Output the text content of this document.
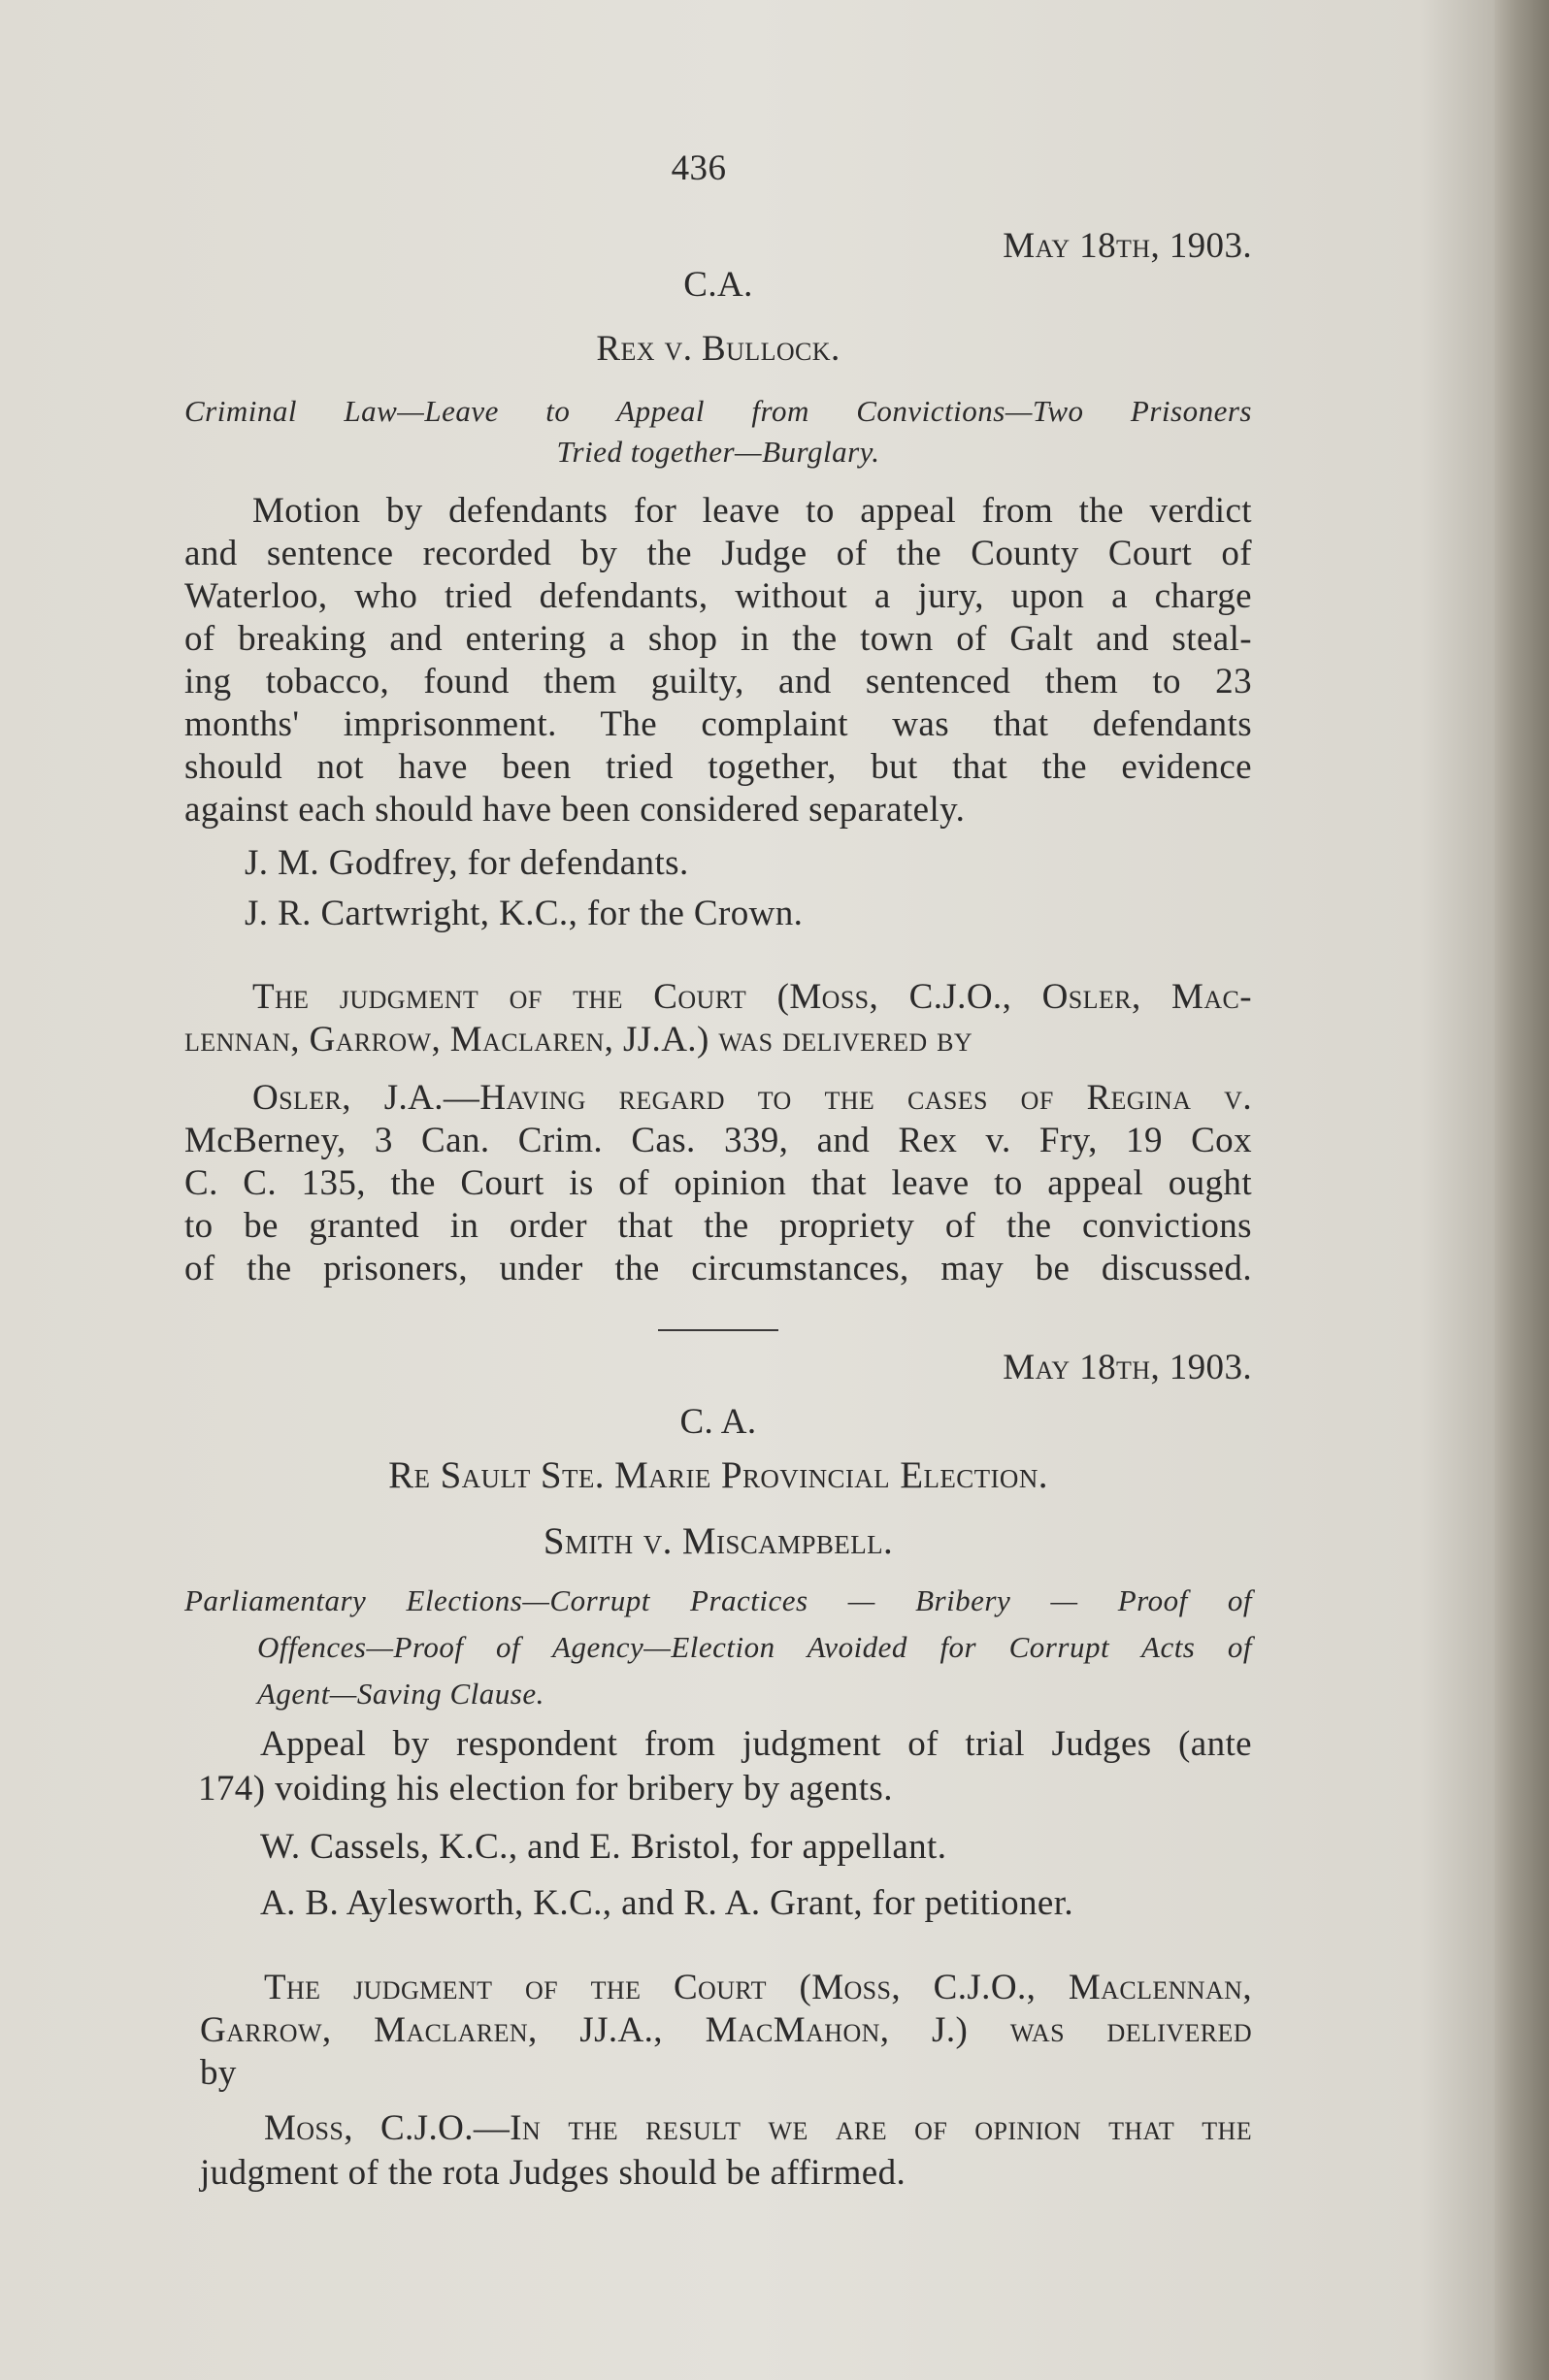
436
May 18th, 1903.
C.A.
Rex v. Bullock.
Criminal Law—Leave to Appeal from Convictions—Two Prisoners
Tried together—Burglary.
Motion by defendants for leave to appeal from the verdict
and sentence recorded by the Judge of the County Court of
Waterloo, who tried defendants, without a jury, upon a charge
of breaking and entering a shop in the town of Galt and steal-
ing tobacco, found them guilty, and sentenced them to 23
months' imprisonment. The complaint was that defendants
should not have been tried together, but that the evidence
against each should have been considered separately.
J. M. Godfrey, for defendants.
J. R. Cartwright, K.C., for the Crown.
The judgment of the Court (Moss, C.J.O., Osler, Mac-
lennan, Garrow, Maclaren, JJ.A.) was delivered by
Osler, J.A.—Having regard to the cases of Regina v.
McBerney, 3 Can. Crim. Cas. 339, and Rex v. Fry, 19 Cox
C. C. 135, the Court is of opinion that leave to appeal ought
to be granted in order that the propriety of the convictions
of the prisoners, under the circumstances, may be discussed.
May 18th, 1903.
C. A.
Re Sault Ste. Marie Provincial Election.
Smith v. Miscampbell.
Parliamentary Elections—Corrupt Practices — Bribery — Proof of
Offences—Proof of Agency—Election Avoided for Corrupt Acts of
Agent—Saving Clause.
Appeal by respondent from judgment of trial Judges (ante
174) voiding his election for bribery by agents.
W. Cassels, K.C., and E. Bristol, for appellant.
A. B. Aylesworth, K.C., and R. A. Grant, for petitioner.
The judgment of the Court (Moss, C.J.O., Maclennan,
Garrow, Maclaren, JJ.A., MacMahon, J.) was delivered
by
Moss, C.J.O.—In the result we are of opinion that the
judgment of the rota Judges should be affirmed.
